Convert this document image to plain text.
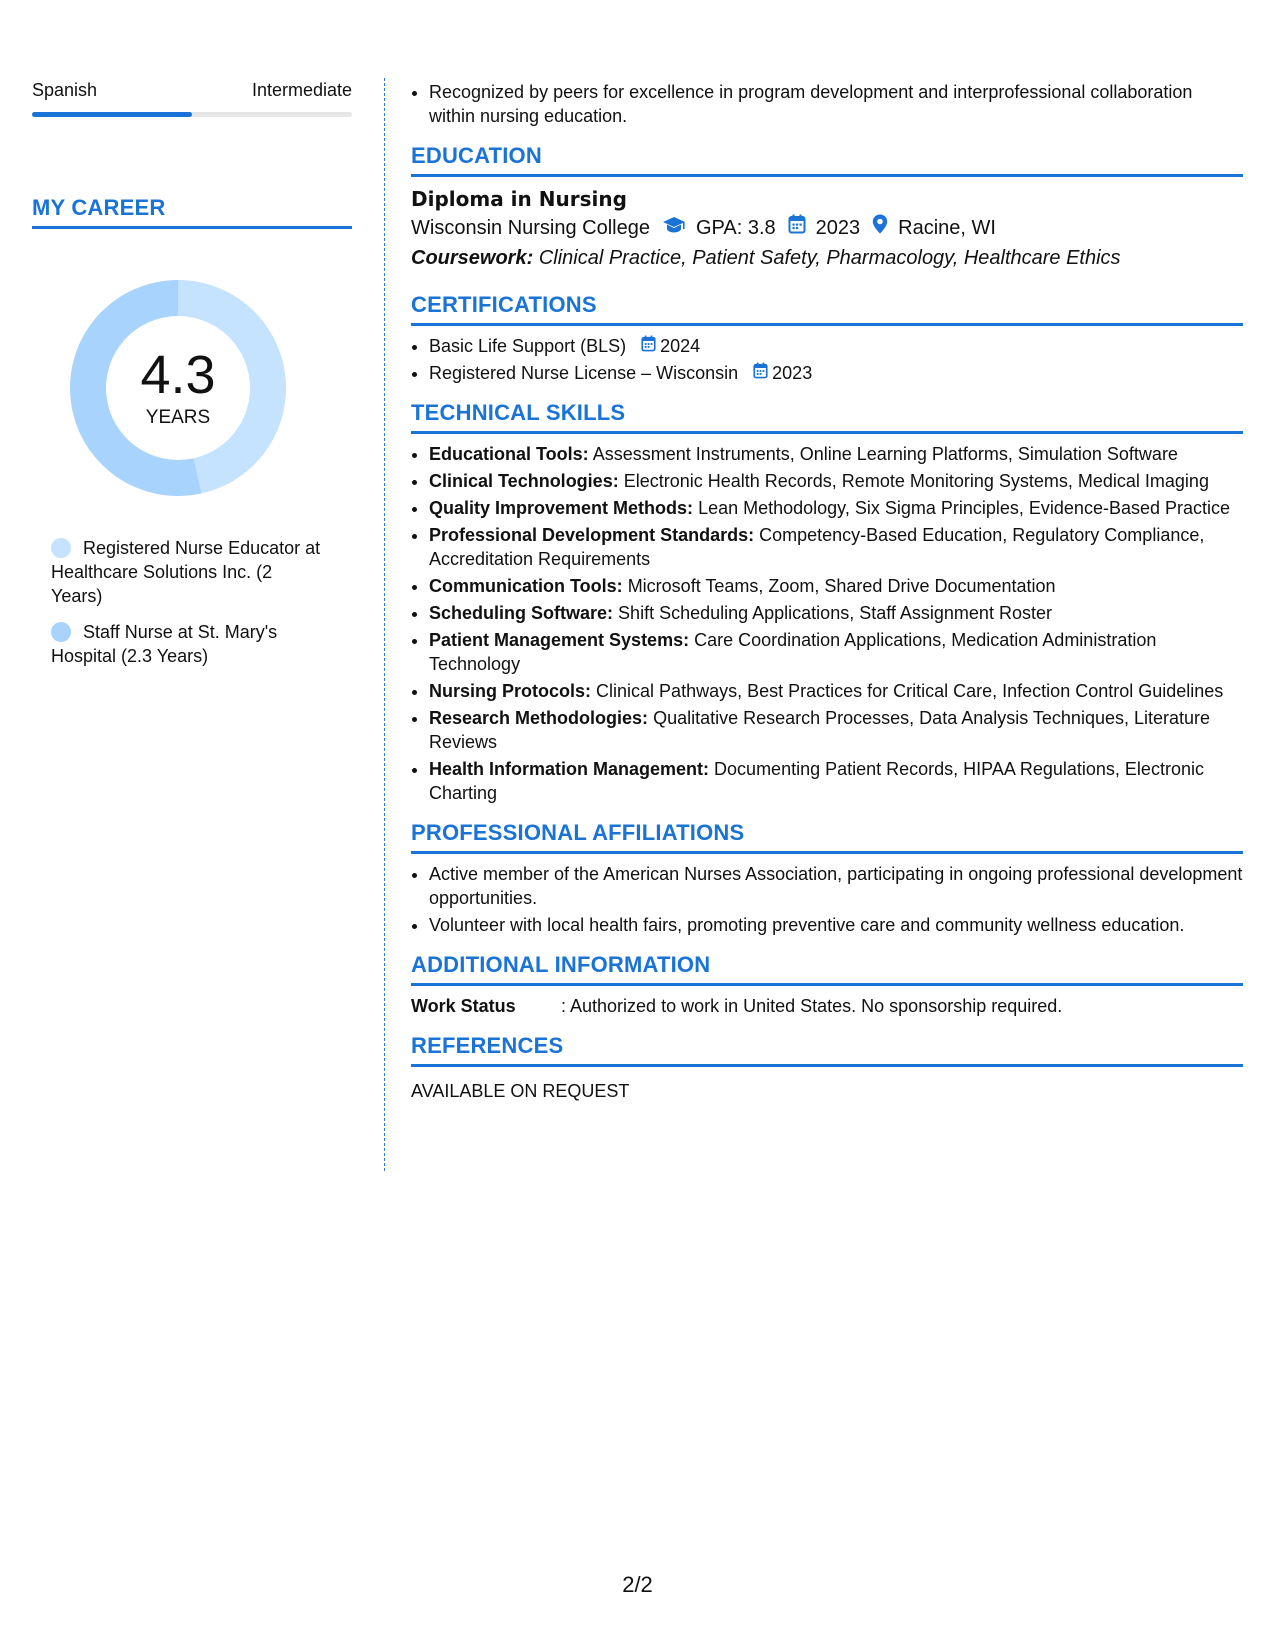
Spanish	Intermediate
MY CAREER
4.3
YEARS
Registered Nurse Educator at Healthcare Solutions Inc. (2 Years)
Staff Nurse at St. Mary's Hospital (2.3 Years)
• Recognized by peers for excellence in program development and interprofessional collaboration within nursing education.
EDUCATION
Diploma in Nursing
Wisconsin Nursing College GPA: 3.8 2023 Racine, WI
Coursework: Clinical Practice, Patient Safety, Pharmacology, Healthcare Ethics
CERTIFICATIONS
• Basic Life Support (BLS) 2024
• Registered Nurse License – Wisconsin 2023
TECHNICAL SKILLS
• Educational Tools: Assessment Instruments, Online Learning Platforms, Simulation Software
• Clinical Technologies: Electronic Health Records, Remote Monitoring Systems, Medical Imaging
• Quality Improvement Methods: Lean Methodology, Six Sigma Principles, Evidence-Based Practice
• Professional Development Standards: Competency-Based Education, Regulatory Compliance, Accreditation Requirements
• Communication Tools: Microsoft Teams, Zoom, Shared Drive Documentation
• Scheduling Software: Shift Scheduling Applications, Staff Assignment Roster
• Patient Management Systems: Care Coordination Applications, Medication Administration Technology
• Nursing Protocols: Clinical Pathways, Best Practices for Critical Care, Infection Control Guidelines
• Research Methodologies: Qualitative Research Processes, Data Analysis Techniques, Literature Reviews
• Health Information Management: Documenting Patient Records, HIPAA Regulations, Electronic Charting
PROFESSIONAL AFFILIATIONS
• Active member of the American Nurses Association, participating in ongoing professional development opportunities.
• Volunteer with local health fairs, promoting preventive care and community wellness education.
ADDITIONAL INFORMATION
Work Status	: Authorized to work in United States. No sponsorship required.
REFERENCES
AVAILABLE ON REQUEST
2/2
